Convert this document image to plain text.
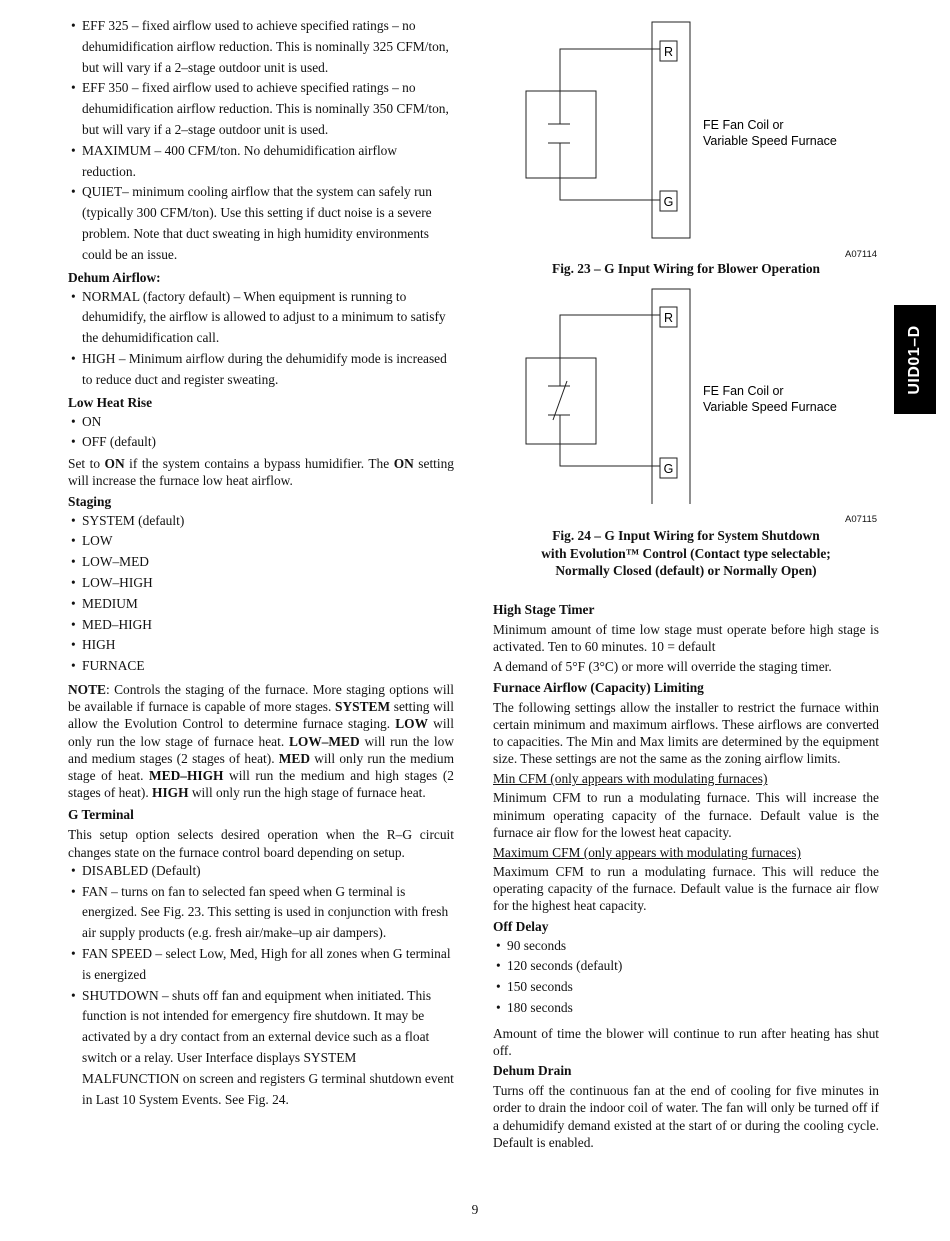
• EFF 325 – fixed airflow used to achieve specified ratings – no dehumidification airflow reduction. This is nominally 325 CFM/ton, but will vary if a 2–stage outdoor unit is used.
• EFF 350 – fixed airflow used to achieve specified ratings – no dehumidification airflow reduction. This is nominally 350 CFM/ton, but will vary if a 2–stage outdoor unit is used.
• MAXIMUM – 400 CFM/ton. No dehumidification airflow reduction.
• QUIET– minimum cooling airflow that the system can safely run (typically 300 CFM/ton). Use this setting if duct noise is a severe problem. Note that duct sweating in high humidity environments could be an issue.
Dehum Airflow:
• NORMAL (factory default) – When equipment is running to dehumidify, the airflow is allowed to adjust to a minimum to satisfy the dehumidification call.
• HIGH – Minimum airflow during the dehumidify mode is increased to reduce duct and register sweating.
Low Heat Rise
• ON
• OFF (default)

Set to ON if the system contains a bypass humidifier. The ON setting will increase the furnace low heat airflow.

Staging
• SYSTEM (default)
• LOW
• LOW–MED
• LOW–HIGH
• MEDIUM
• MED–HIGH
• HIGH
• FURNACE

NOTE: Controls the staging of the furnace. More staging options will be available if furnace is capable of more stages. SYSTEM setting will allow the Evolution Control to determine furnace staging. LOW will only run the low stage of furnace heat. LOW–MED will run the low and medium stages (2 stages of heat). MED will only run the medium stage of heat. MED–HIGH will run the medium and high stages (2 stages of heat). HIGH will only run the high stage of furnace heat.

G Terminal

This setup option selects desired operation when the R–G circuit changes state on the furnace control board depending on setup.

• DISABLED (Default)
• FAN – turns on fan to selected fan speed when G terminal is energized. See Fig. 23. This setting is used in conjunction with fresh air supply products (e.g. fresh air/make–up air dampers).
• FAN SPEED – select Low, Med, High for all zones when G terminal is energized
• SHUTDOWN – shuts off fan and equipment when initiated. This function is not intended for emergency fire shutdown. It may be activated by a dry contact from an external device such as a float switch or a relay. User Interface displays SYSTEM MALFUNCTION on screen and registers G terminal shutdown event in Last 10 System Events. See Fig. 24.
R
G
FE Fan Coil or
Variable Speed Furnace
A07114
Fig. 23 – G Input Wiring for Blower Operation
R
G
FE Fan Coil or
Variable Speed Furnace
A07115
Fig. 24 – G Input Wiring for System Shutdown
with Evolution™ Control (Contact type selectable;
Normally Closed (default) or Normally Open)
High Stage Timer

Minimum amount of time low stage must operate before high stage is activated. Ten to 60 minutes. 10 = default

A demand of 5°F (3°C) or more will override the staging timer.

Furnace Airflow (Capacity) Limiting

The following settings allow the installer to restrict the furnace within certain minimum and maximum airflows. These airflows are converted to capacities. The Min and Max limits are determined by the equipment size. These settings are not the same as the zoning airflow limits.

Min CFM (only appears with modulating furnaces)

Minimum CFM to run a modulating furnace. This will increase the minimum operating capacity of the furnace. Default value is the furnace air flow for the lowest heat capacity.

Maximum CFM (only appears with modulating furnaces)

Maximum CFM to run a modulating furnace. This will reduce the operating capacity of the furnace. Default value is the furnace air flow for the highest heat capacity.

Off Delay
• 90 seconds
• 120 seconds (default)
• 150 seconds
• 180 seconds

Amount of time the blower will continue to run after heating has shut off.

Dehum Drain

Turns off the continuous fan at the end of cooling for five minutes in order to drain the indoor coil of water. The fan will only be turned off if a dehumidify demand existed at the start of or during the cooling cycle. Default is enabled.

UID01–D
9
